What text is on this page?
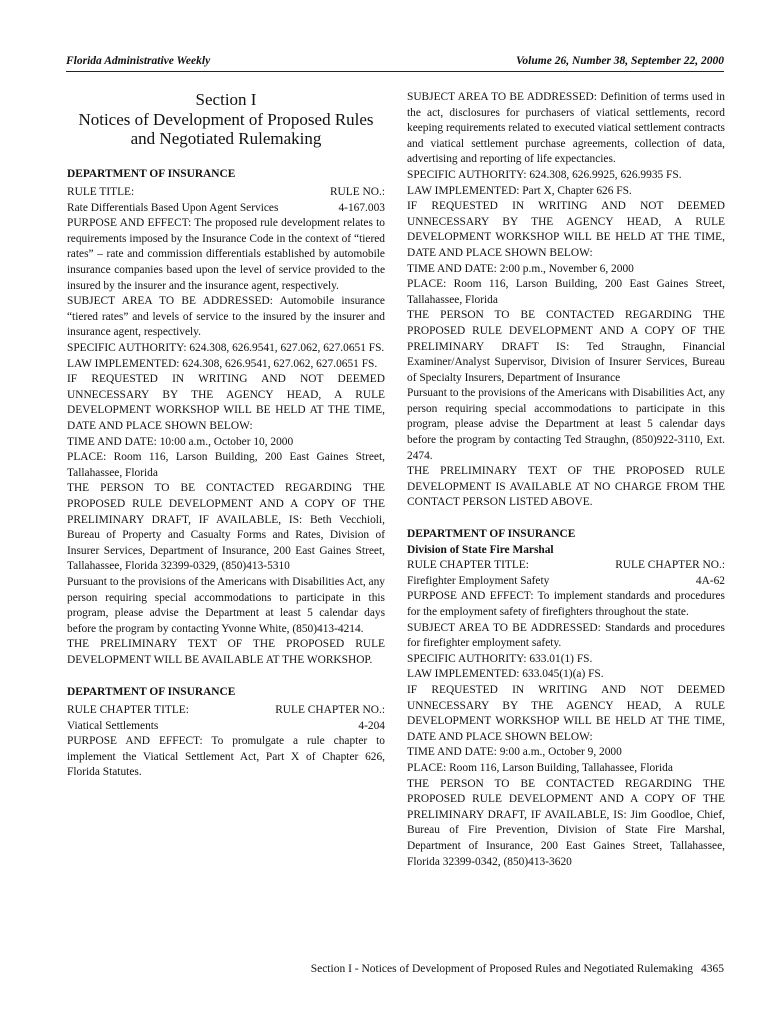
Florida Administrative Weekly	Volume 26, Number 38, September 22, 2000
Section I
Notices of Development of Proposed Rules
and Negotiated Rulemaking
DEPARTMENT OF INSURANCE
RULE TITLE:	RULE NO.:
Rate Differentials Based Upon Agent Services	4-167.003

PURPOSE AND EFFECT: The proposed rule development relates to requirements imposed by the Insurance Code in the context of “tiered rates” – rate and commission differentials established by automobile insurance companies based upon the level of service provided to the insured by the insurer and the insurance agent, respectively.

SUBJECT AREA TO BE ADDRESSED: Automobile insurance “tiered rates” and levels of service to the insured by the insurer and insurance agent, respectively.

SPECIFIC AUTHORITY: 624.308, 626.9541, 627.062, 627.0651 FS.

LAW IMPLEMENTED: 624.308, 626.9541, 627.062, 627.0651 FS.

IF REQUESTED IN WRITING AND NOT DEEMED UNNECESSARY BY THE AGENCY HEAD, A RULE DEVELOPMENT WORKSHOP WILL BE HELD AT THE TIME, DATE AND PLACE SHOWN BELOW:

TIME AND DATE: 10:00 a.m., October 10, 2000

PLACE: Room 116, Larson Building, 200 East Gaines Street, Tallahassee, Florida

THE PERSON TO BE CONTACTED REGARDING THE PROPOSED RULE DEVELOPMENT AND A COPY OF THE PRELIMINARY DRAFT, IF AVAILABLE, IS: Beth Vecchioli, Bureau of Property and Casualty Forms and Rates, Division of Insurer Services, Department of Insurance, 200 East Gaines Street, Tallahassee, Florida 32399-0329, (850)413-5310

Pursuant to the provisions of the Americans with Disabilities Act, any person requiring special accommodations to participate in this program, please advise the Department at least 5 calendar days before the program by contacting Yvonne White, (850)413-4214.

THE PRELIMINARY TEXT OF THE PROPOSED RULE DEVELOPMENT WILL BE AVAILABLE AT THE WORKSHOP.

DEPARTMENT OF INSURANCE
RULE CHAPTER TITLE:	RULE CHAPTER NO.:
Viatical Settlements	4-204

PURPOSE AND EFFECT: To promulgate a rule chapter to implement the Viatical Settlement Act, Part X of Chapter 626, Florida Statutes.

SUBJECT AREA TO BE ADDRESSED: Definition of terms used in the act, disclosures for purchasers of viatical settlements, record keeping requirements related to executed viatical settlement contracts and viatical settlement purchase agreements, collection of data, advertising and reporting of life expectancies.

SPECIFIC AUTHORITY: 624.308, 626.9925, 626.9935 FS.

LAW IMPLEMENTED: Part X, Chapter 626 FS.

IF REQUESTED IN WRITING AND NOT DEEMED UNNECESSARY BY THE AGENCY HEAD, A RULE DEVELOPMENT WORKSHOP WILL BE HELD AT THE TIME, DATE AND PLACE SHOWN BELOW:

TIME AND DATE: 2:00 p.m., November 6, 2000

PLACE: Room 116, Larson Building, 200 East Gaines Street, Tallahassee, Florida

THE PERSON TO BE CONTACTED REGARDING THE PROPOSED RULE DEVELOPMENT AND A COPY OF THE PRELIMINARY DRAFT IS: Ted Straughn, Financial Examiner/Analyst Supervisor, Division of Insurer Services, Bureau of Specialty Insurers, Department of Insurance

Pursuant to the provisions of the Americans with Disabilities Act, any person requiring special accommodations to participate in this program, please advise the Department at least 5 calendar days before the program by contacting Ted Straughn, (850)922-3110, Ext. 2474.

THE PRELIMINARY TEXT OF THE PROPOSED RULE DEVELOPMENT IS AVAILABLE AT NO CHARGE FROM THE CONTACT PERSON LISTED ABOVE.

DEPARTMENT OF INSURANCE
Division of State Fire Marshal
RULE CHAPTER TITLE:	RULE CHAPTER NO.:
Firefighter Employment Safety	4A-62

PURPOSE AND EFFECT: To implement standards and procedures for the employment safety of firefighters throughout the state.

SUBJECT AREA TO BE ADDRESSED: Standards and procedures for firefighter employment safety.

SPECIFIC AUTHORITY: 633.01(1) FS.

LAW IMPLEMENTED: 633.045(1)(a) FS.

IF REQUESTED IN WRITING AND NOT DEEMED UNNECESSARY BY THE AGENCY HEAD, A RULE DEVELOPMENT WORKSHOP WILL BE HELD AT THE TIME, DATE AND PLACE SHOWN BELOW:

TIME AND DATE: 9:00 a.m., October 9, 2000

PLACE: Room 116, Larson Building, Tallahassee, Florida

THE PERSON TO BE CONTACTED REGARDING THE PROPOSED RULE DEVELOPMENT AND A COPY OF THE PRELIMINARY DRAFT, IF AVAILABLE, IS: Jim Goodloe, Chief, Bureau of Fire Prevention, Division of State Fire Marshal, Department of Insurance, 200 East Gaines Street, Tallahassee, Florida 32399-0342, (850)413-3620

Section I - Notices of Development of Proposed Rules and Negotiated Rulemaking 4365
